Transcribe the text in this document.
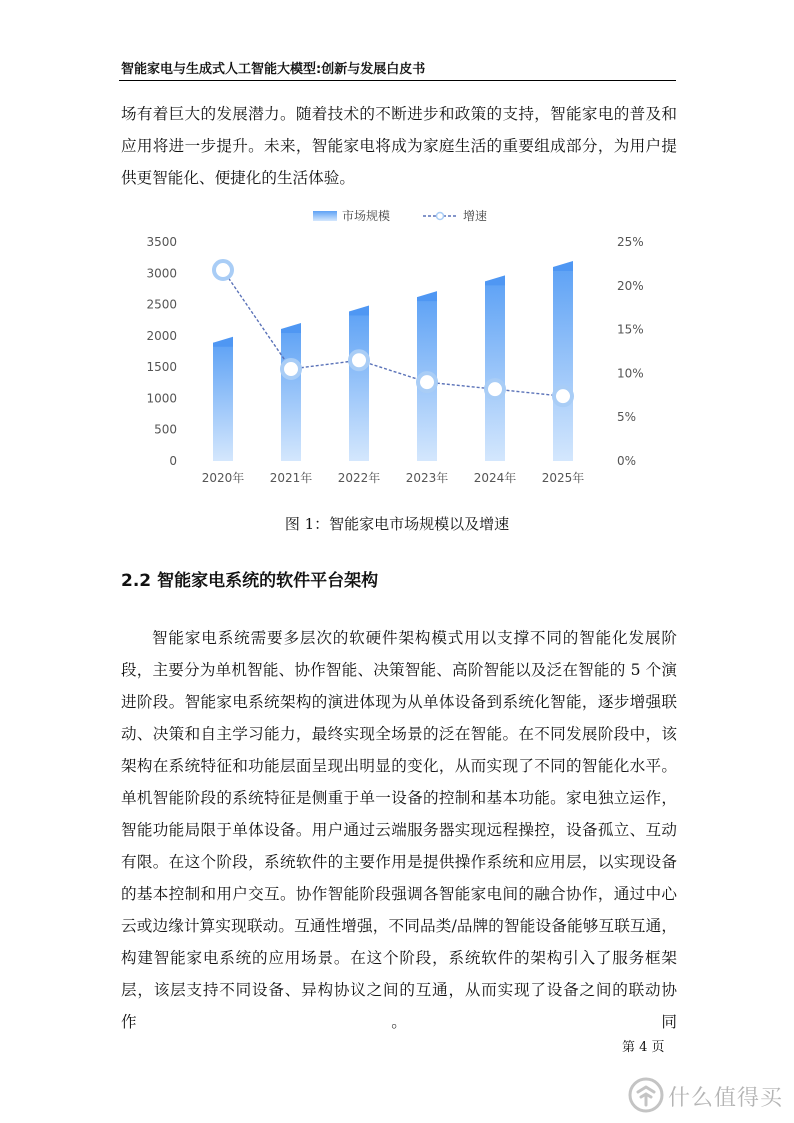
智能家电与生成式人工智能大模型:创新与发展白皮书

场有着巨大的发展潜力。随着技术的不断进步和政策的支持，智能家电的普及和应用将进一步提升。未来，智能家电将成为家庭生活的重要组成部分，为用户提供更智能化、便捷化的生活体验。

市场规模	增速
0
500
1000
1500
2000
2500
3000
3500
0%
5%
10%
15%
20%
25%
2020年 2021年 2022年 2023年 2024年 2025年

图 1：智能家电市场规模以及增速

2.2 智能家电系统的软件平台架构

智能家电系统需要多层次的软硬件架构模式用以支撑不同的智能化发展阶段，主要分为单机智能、协作智能、决策智能、高阶智能以及泛在智能的 5 个演进阶段。智能家电系统架构的演进体现为从单体设备到系统化智能，逐步增强联动、决策和自主学习能力，最终实现全场景的泛在智能。在不同发展阶段中，该架构在系统特征和功能层面呈现出明显的变化，从而实现了不同的智能化水平。单机智能阶段的系统特征是侧重于单一设备的控制和基本功能。家电独立运作，智能功能局限于单体设备。用户通过云端服务器实现远程操控，设备孤立、互动有限。在这个阶段，系统软件的主要作用是提供操作系统和应用层，以实现设备的基本控制和用户交互。协作智能阶段强调各智能家电间的融合协作，通过中心云或边缘计算实现联动。互通性增强，不同品类/品牌的智能设备能够互联互通，构建智能家电系统的应用场景。在这个阶段，系统软件的架构引入了服务框架层，该层支持不同设备、异构协议之间的互通，从而实现了设备之间的联动协作。同

第 4 页
什么值得买
